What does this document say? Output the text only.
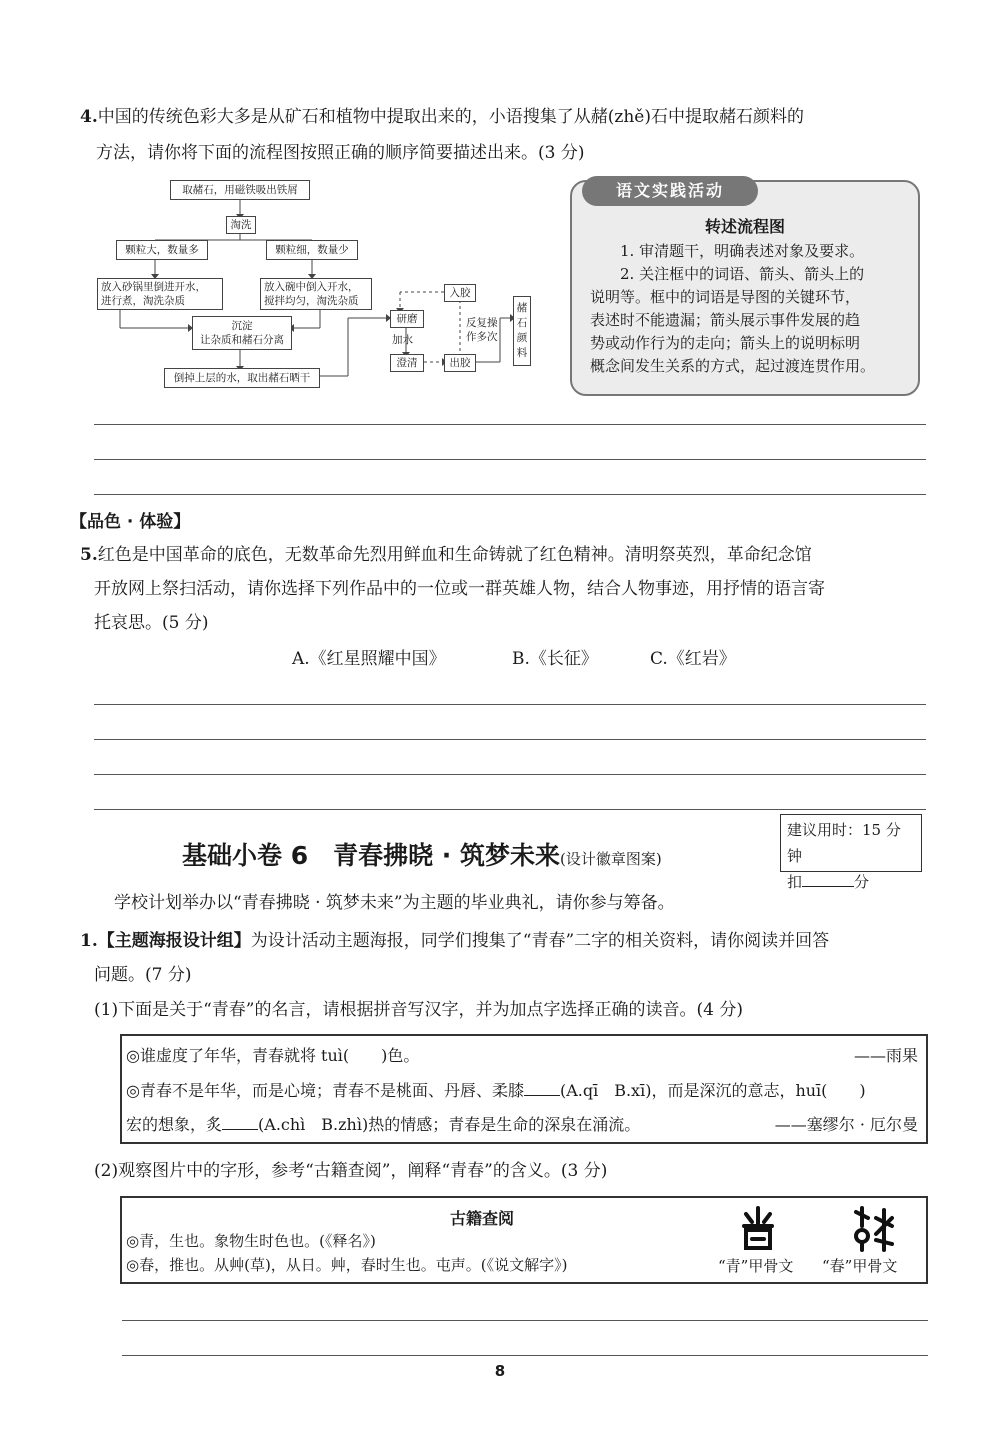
4.中国的传统色彩大多是从矿石和植物中提取出来的，小语搜集了从赭(zhě)石中提取赭石颜料的
方法，请你将下面的流程图按照正确的顺序简要描述出来。(3 分)
取赭石，用磁铁吸出铁屑
淘洗
颗粒大，数量多	颗粒细，数量少
放入砂锅里倒进开水，
进行煮，淘洗杂质
放入碗中倒入开水，
搅拌均匀，淘洗杂质
沉淀
让杂质和赭石分离
倒掉上层的水，取出赭石晒干
研磨
加水
澄清
入胶
出胶
反复操
作多次
赭石颜料
语文实践活动
转述流程图
1. 审清题干，明确表述对象及要求。
2. 关注框中的词语、箭头、箭头上的
说明等。框中的词语是导图的关键环节，
表述时不能遗漏；箭头展示事件发展的趋
势或动作行为的走向；箭头上的说明标明
概念间发生关系的方式，起过渡连贯作用。
【品色 · 体验】
5.红色是中国革命的底色，无数革命先烈用鲜血和生命铸就了红色精神。清明祭英烈，革命纪念馆
开放网上祭扫活动，请你选择下列作品中的一位或一群英雄人物，结合人物事迹，用抒情的语言寄
托哀思。(5 分)
A.《红星照耀中国》	B.《长征》	C.《红岩》
基础小卷 6　青春拂晓 · 筑梦未来(设计徽章图案)
建议用时：15 分钟
扣	分
学校计划举办以“青春拂晓 · 筑梦未来”为主题的毕业典礼，请你参与筹备。
1.【主题海报设计组】为设计活动主题海报，同学们搜集了“青春”二字的相关资料，请你阅读并回答
问题。(7 分)
(1)下面是关于“青春”的名言，请根据拼音写汉字，并为加点字选择正确的读音。(4 分)
◎谁虚度了年华，青春就将 tuì(　　)色。	——雨果
◎青春不是年华，而是心境；青春不是桃面、丹唇、柔膝 (A.qī　B.xī)，而是深沉的意志，huī(　　)
宏的想象，炙 (A.chì　B.zhì)热的情感；青春是生命的深泉在涌流。	——塞缪尔 · 厄尔曼
(2)观察图片中的字形，参考“古籍查阅”，阐释“青春”的含义。(3 分)
古籍查阅
◎青，生也。象物生时色也。(《释名》)
◎春，推也。从艸(草)，从日。艸，春时生也。屯声。(《说文解字》)	“青”甲骨文 “春”甲骨文
8
